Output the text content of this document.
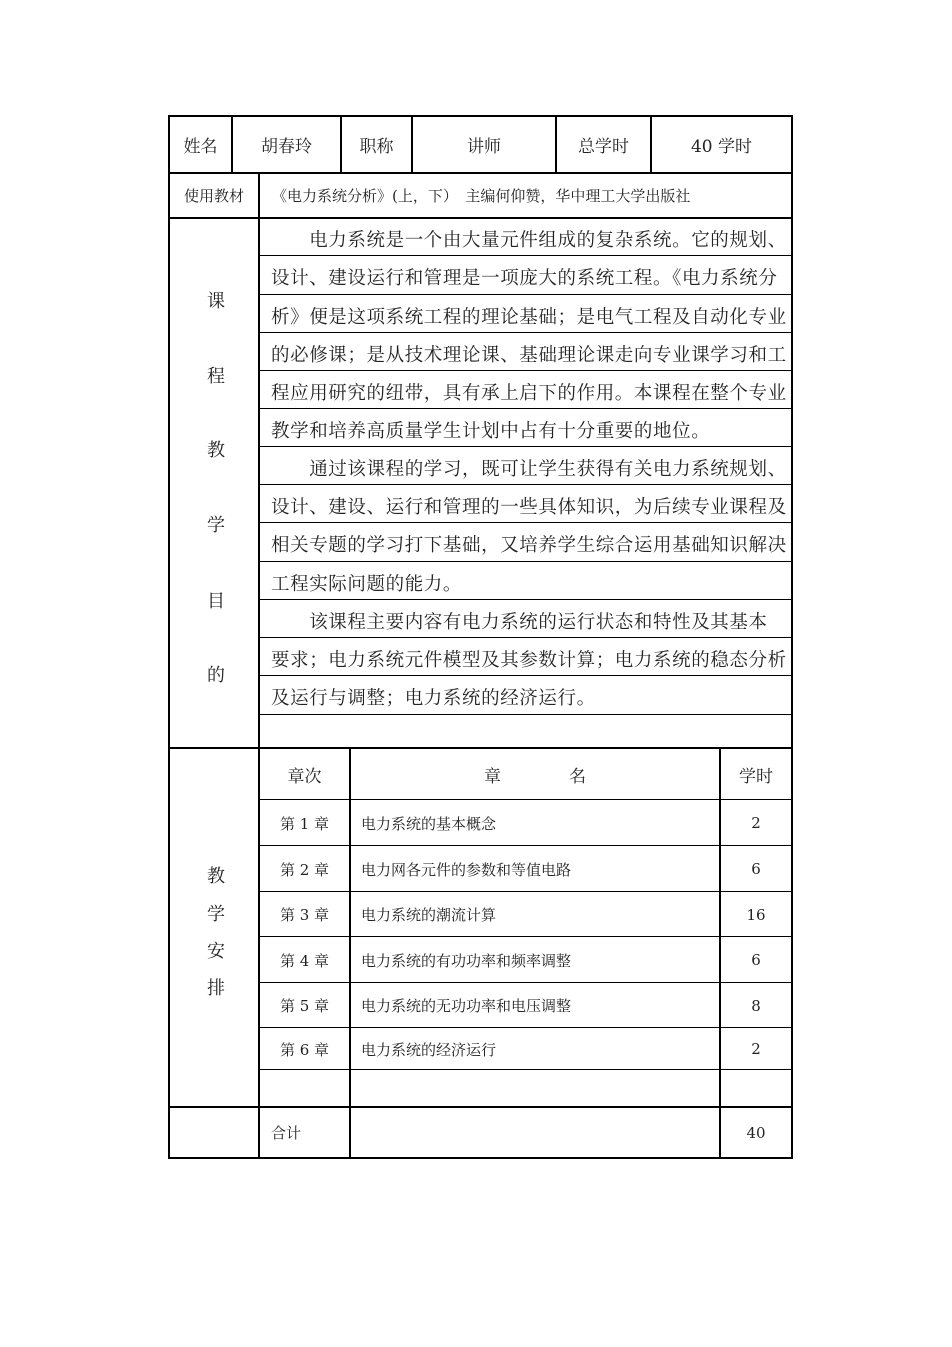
姓名	胡春玲	职称	讲师	总学时	40 学时
使用教材	《电力系统分析》(上，下）　主编何仰赞，华中理工大学出版社
课
程
教
学
目
的
　　电力系统是一个由大量元件组成的复杂系统。它的规划、
设计、建设运行和管理是一项庞大的系统工程。《电力系统分
析》便是这项系统工程的理论基础；是电气工程及自动化专业
的必修课；是从技术理论课、基础理论课走向专业课学习和工
程应用研究的纽带，具有承上启下的作用。本课程在整个专业
教学和培养高质量学生计划中占有十分重要的地位。
　　通过该课程的学习，既可让学生获得有关电力系统规划、
设计、建设、运行和管理的一些具体知识，为后续专业课程及
相关专题的学习打下基础，又培养学生综合运用基础知识解决
工程实际问题的能力。
　　该课程主要内容有电力系统的运行状态和特性及其基本
要求；电力系统元件模型及其参数计算；电力系统的稳态分析
及运行与调整；电力系统的经济运行。
教
学
安
排
章次	章　　　　名	学时
第 1 章	电力系统的基本概念	2
第 2 章	电力网各元件的参数和等值电路	6
第 3 章	电力系统的潮流计算	16
第 4 章	电力系统的有功功率和频率调整	6
第 5 章	电力系统的无功功率和电压调整	8
第 6 章	电力系统的经济运行	2
合计	40
